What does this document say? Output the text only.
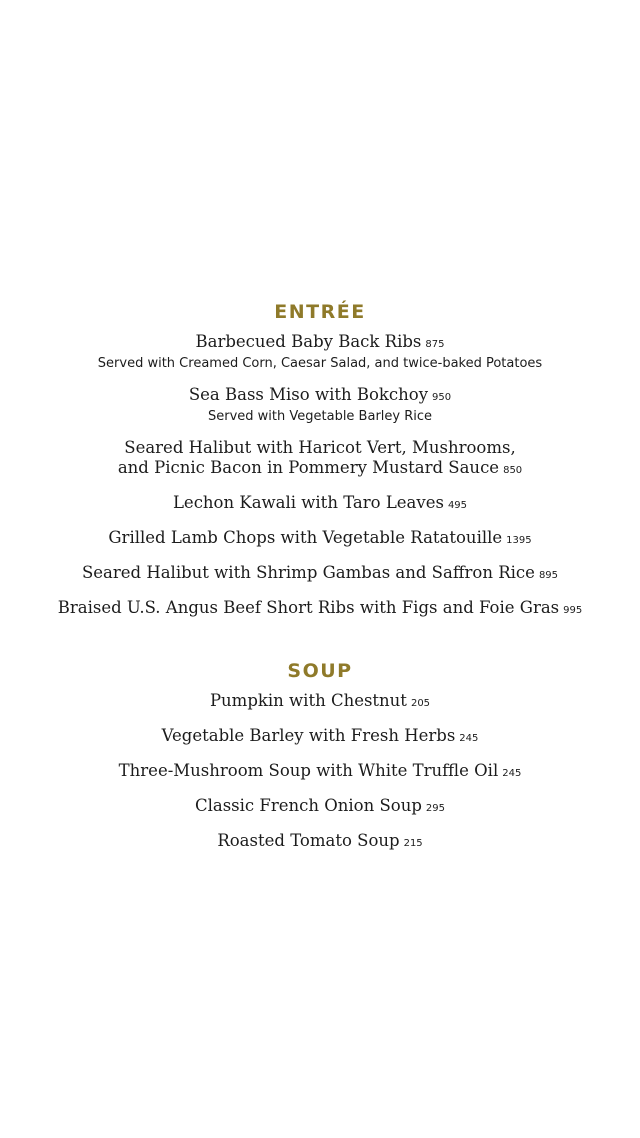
ENTRÉE
Barbecued Baby Back Ribs 875
Served with Creamed Corn, Caesar Salad, and twice-baked Potatoes
Sea Bass Miso with Bokchoy 950
Served with Vegetable Barley Rice
Seared Halibut with Haricot Vert, Mushrooms,
and Picnic Bacon in Pommery Mustard Sauce 850
Lechon Kawali with Taro Leaves 495
Grilled Lamb Chops with Vegetable Ratatouille 1395
Seared Halibut with Shrimp Gambas and Saffron Rice 895
Braised U.S. Angus Beef Short Ribs with Figs and Foie Gras 995
SOUP
Pumpkin with Chestnut 205
Vegetable Barley with Fresh Herbs 245
Three-Mushroom Soup with White Truffle Oil 245
Classic French Onion Soup 295
Roasted Tomato Soup 215
